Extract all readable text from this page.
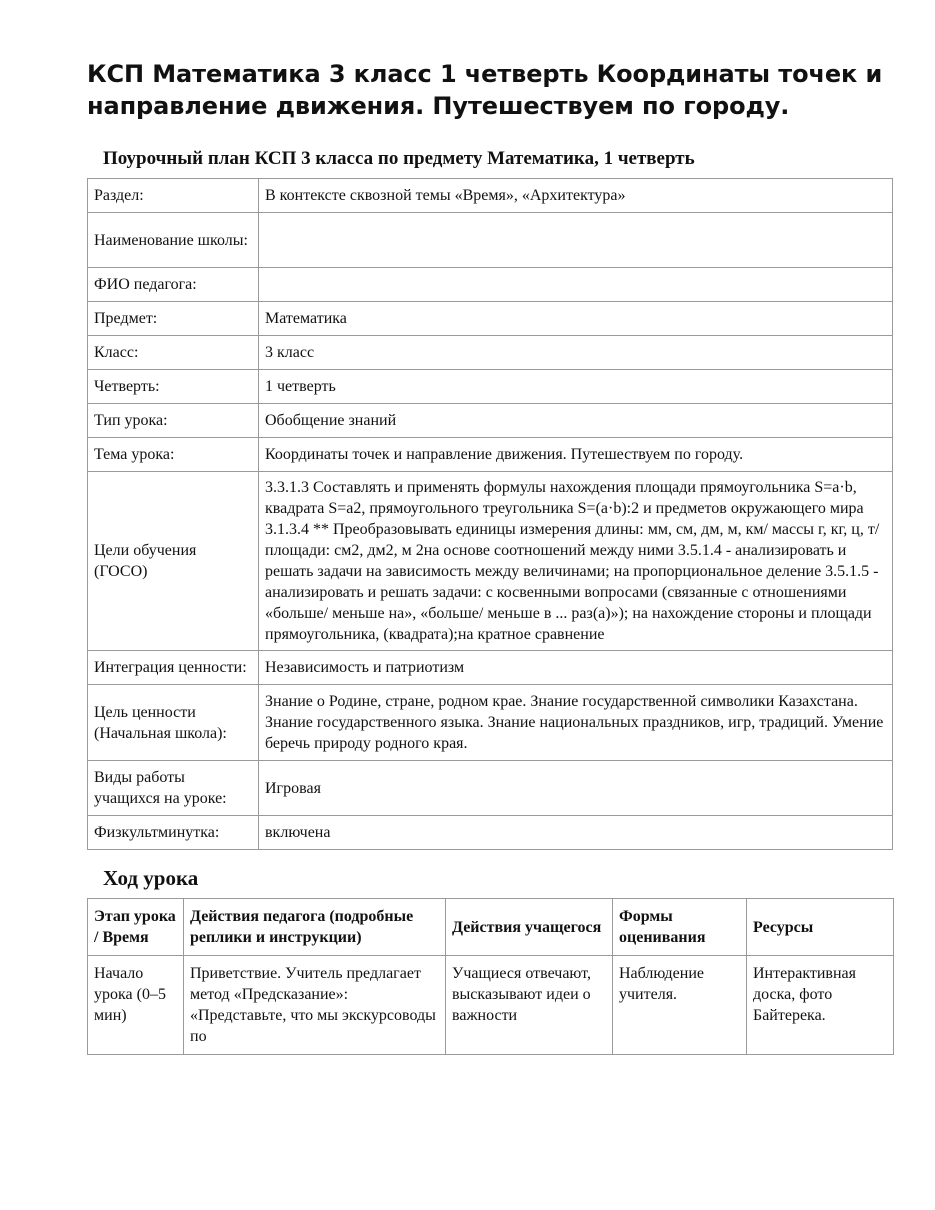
КСП Математика 3 класс 1 четверть Координаты точек и направление движения. Путешествуем по городу.
Поурочный план КСП 3 класса по предмету Математика, 1 четверть
Раздел:	В контексте сквозной темы «Время», «Архитектура»
Наименование школы:	
ФИО педагога:	
Предмет:	Математика
Класс:	3 класс
Четверть:	1 четверть
Тип урока:	Обобщение знаний
Тема урока:	Координаты точек и направление движения. Путешествуем по городу.
Цели обучения (ГОСО)	3.3.1.3 Составлять и применять формулы нахождения площади прямоугольника S=a·b, квадрата S=a2, прямоугольного треугольника S=(a·b):2 и предметов окружающего мира 3.1.3.4 ** Преобразовывать единицы измерения длины: мм, см, дм, м, км/ массы г, кг, ц, т/ площади: см2, дм2, м 2на основе соотношений между ними 3.5.1.4 - анализировать и решать задачи на зависимость между величинами; на пропорциональное деление 3.5.1.5 - анализировать и решать задачи: с косвенными вопросами (связанные с отношениями «больше/ меньше на», «больше/ меньше в ... раз(а)»); на нахождение стороны и площади прямоугольника, (квадрата);на кратное сравнение
Интеграция ценности:	Независимость и патриотизм
Цель ценности (Начальная школа):	Знание о Родине, стране, родном крае. Знание государственной символики Казахстана. Знание государственного языка. Знание национальных праздников, игр, традиций. Умение беречь природу родного края.
Виды работы учащихся на уроке:	Игровая
Физкультминутка:	включена
Ход урока
Этап урока / Время	Действия педагога (подробные реплики и инструкции)	Действия учащегося	Формы оценивания	Ресурсы
Начало урока (0–5 мин)	Приветствие. Учитель предлагает метод «Предсказание»: «Представьте, что мы экскурсоводы по	Учащиеся отвечают, высказывают идеи о важности	Наблюдение учителя.	Интерактивная доска, фото Байтерека.
